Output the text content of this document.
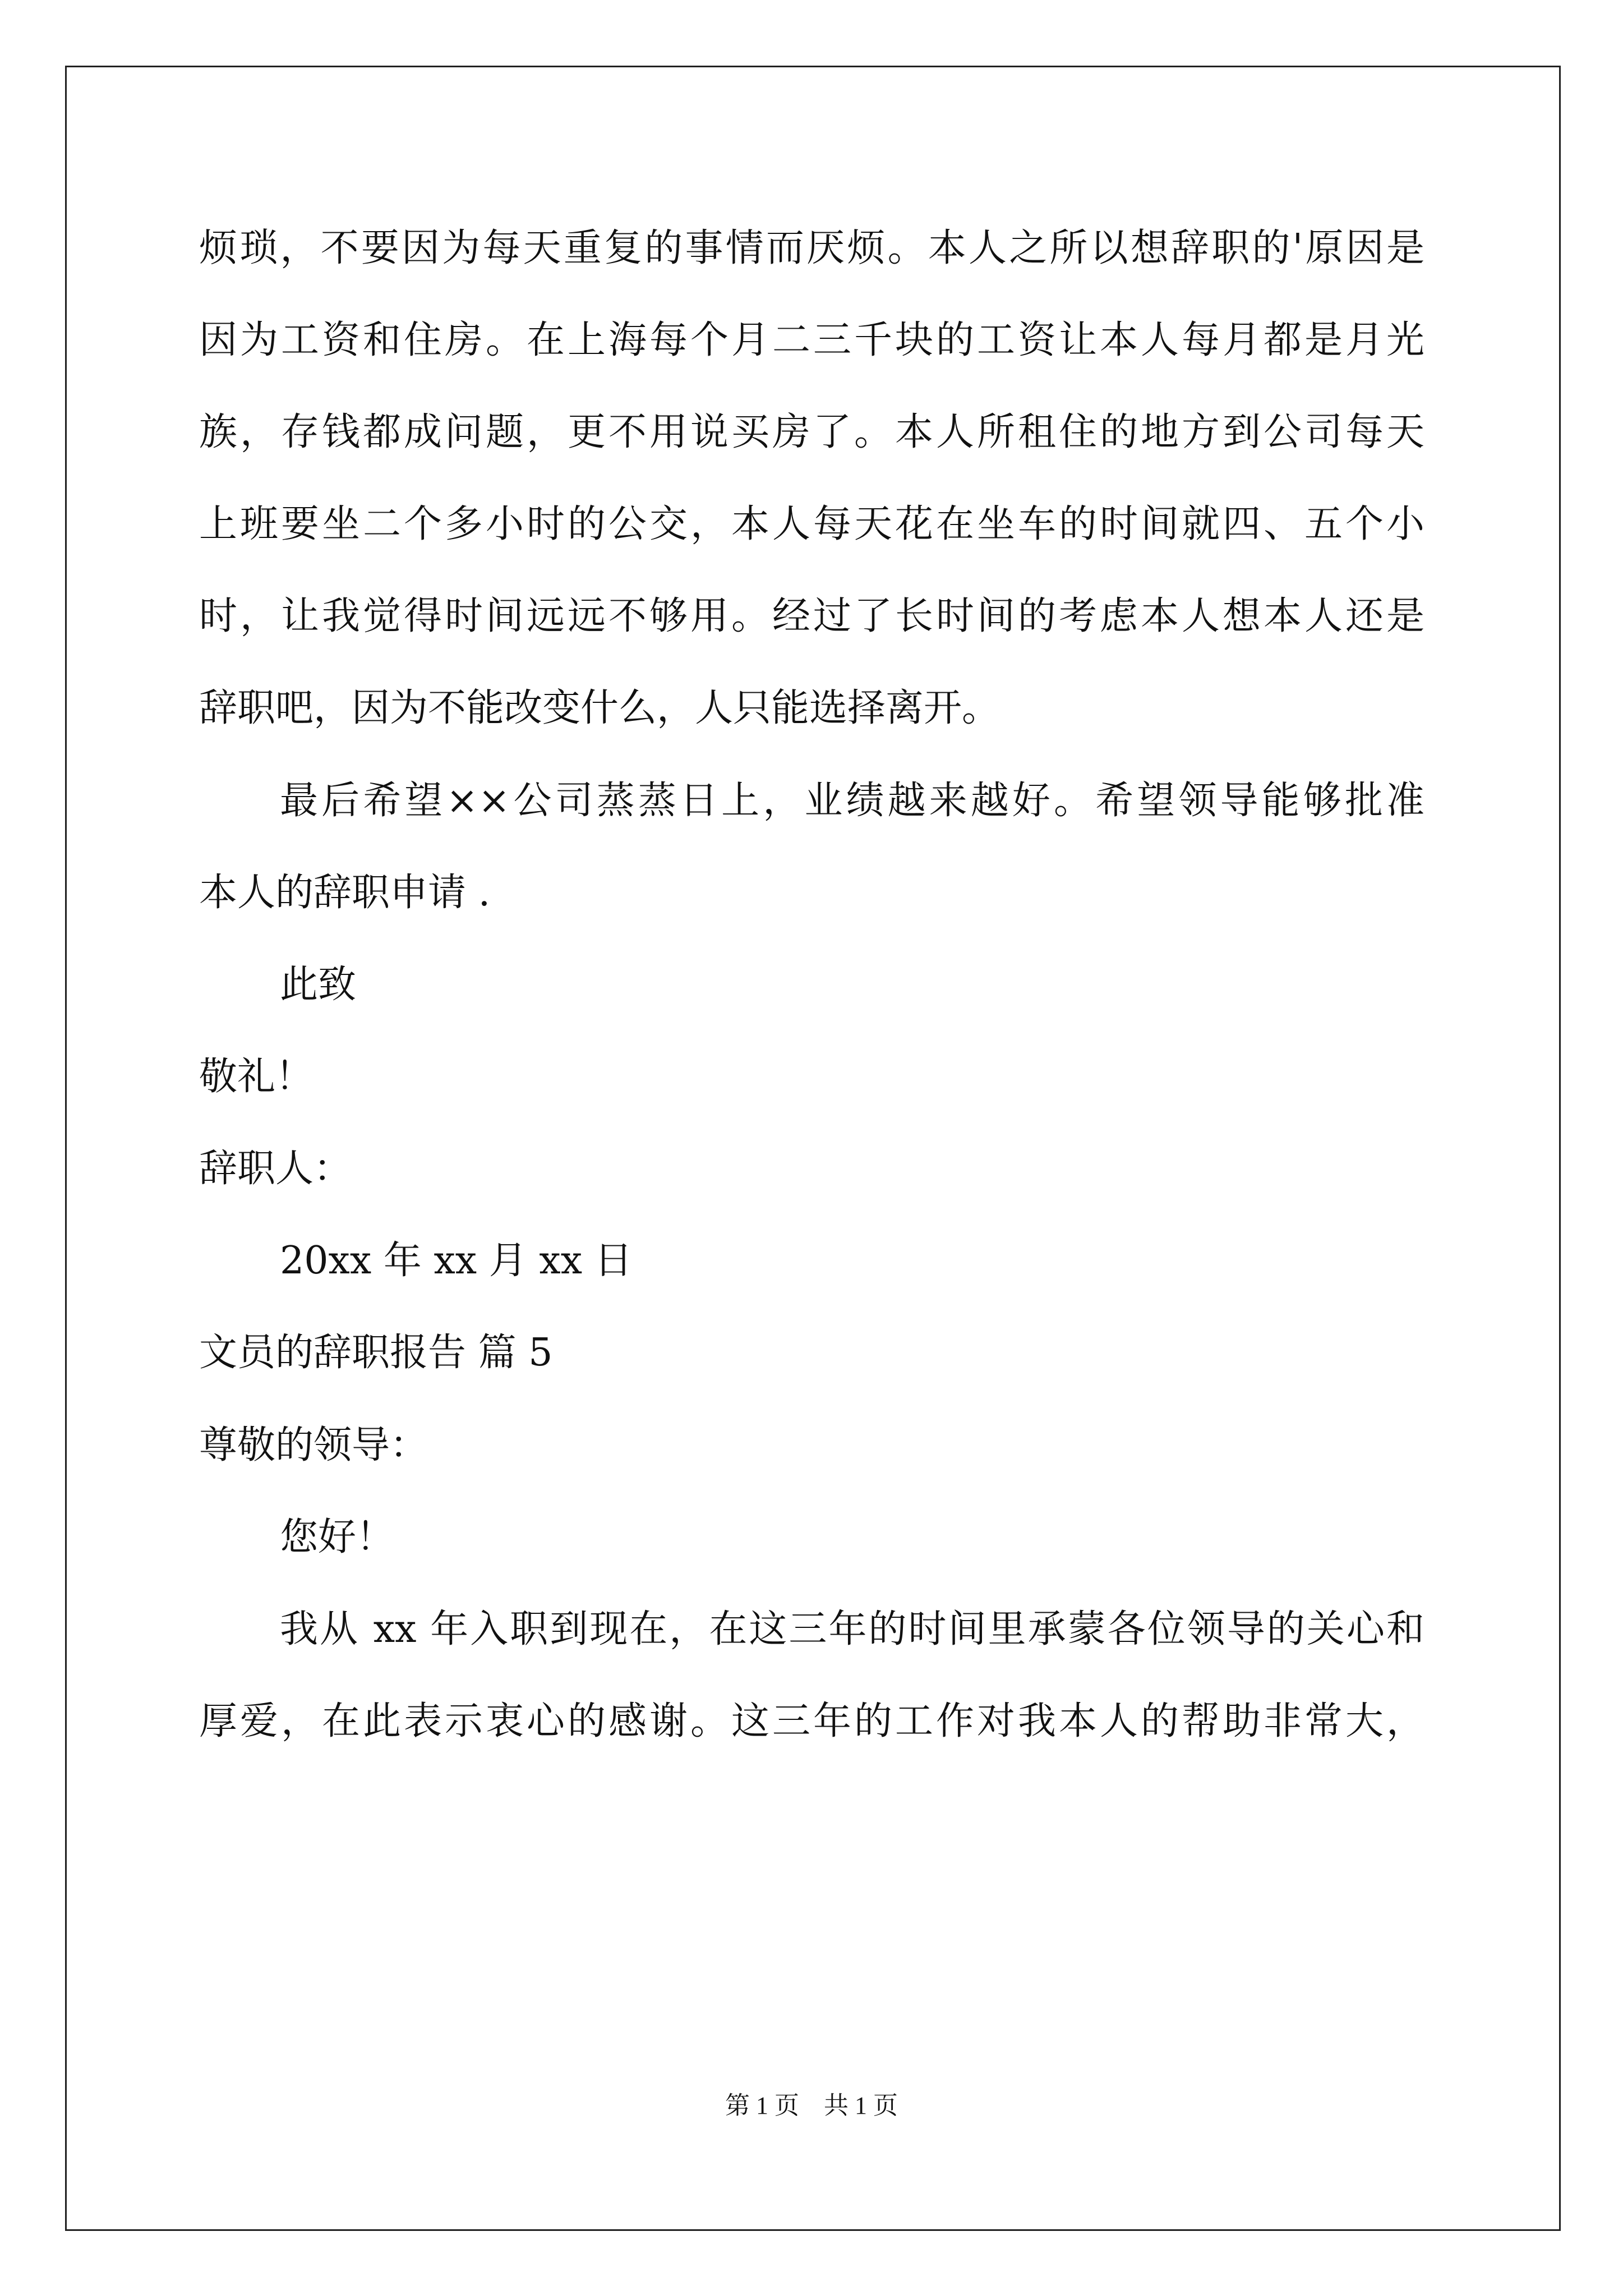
烦琐，不要因为每天重复的事情而厌烦。本人之所以想辞职的'原因是
因为工资和住房。在上海每个月二三千块的工资让本人每月都是月光
族，存钱都成问题，更不用说买房了。本人所租住的地方到公司每天
上班要坐二个多小时的公交，本人每天花在坐车的时间就四、五个小
时，让我觉得时间远远不够用。经过了长时间的考虑本人想本人还是
辞职吧，因为不能改变什么，人只能选择离开。
最后希望××公司蒸蒸日上，业绩越来越好。希望领导能够批准
本人的辞职申请 .
此致
敬礼！
辞职人：
20xx 年 xx 月 xx 日
文员的辞职报告 篇 5
尊敬的领导：
您好！
我从 xx 年入职到现在，在这三年的时间里承蒙各位领导的关心和
厚爱，在此表示衷心的感谢。这三年的工作对我本人的帮助非常大，
第 1 页　共 1 页
